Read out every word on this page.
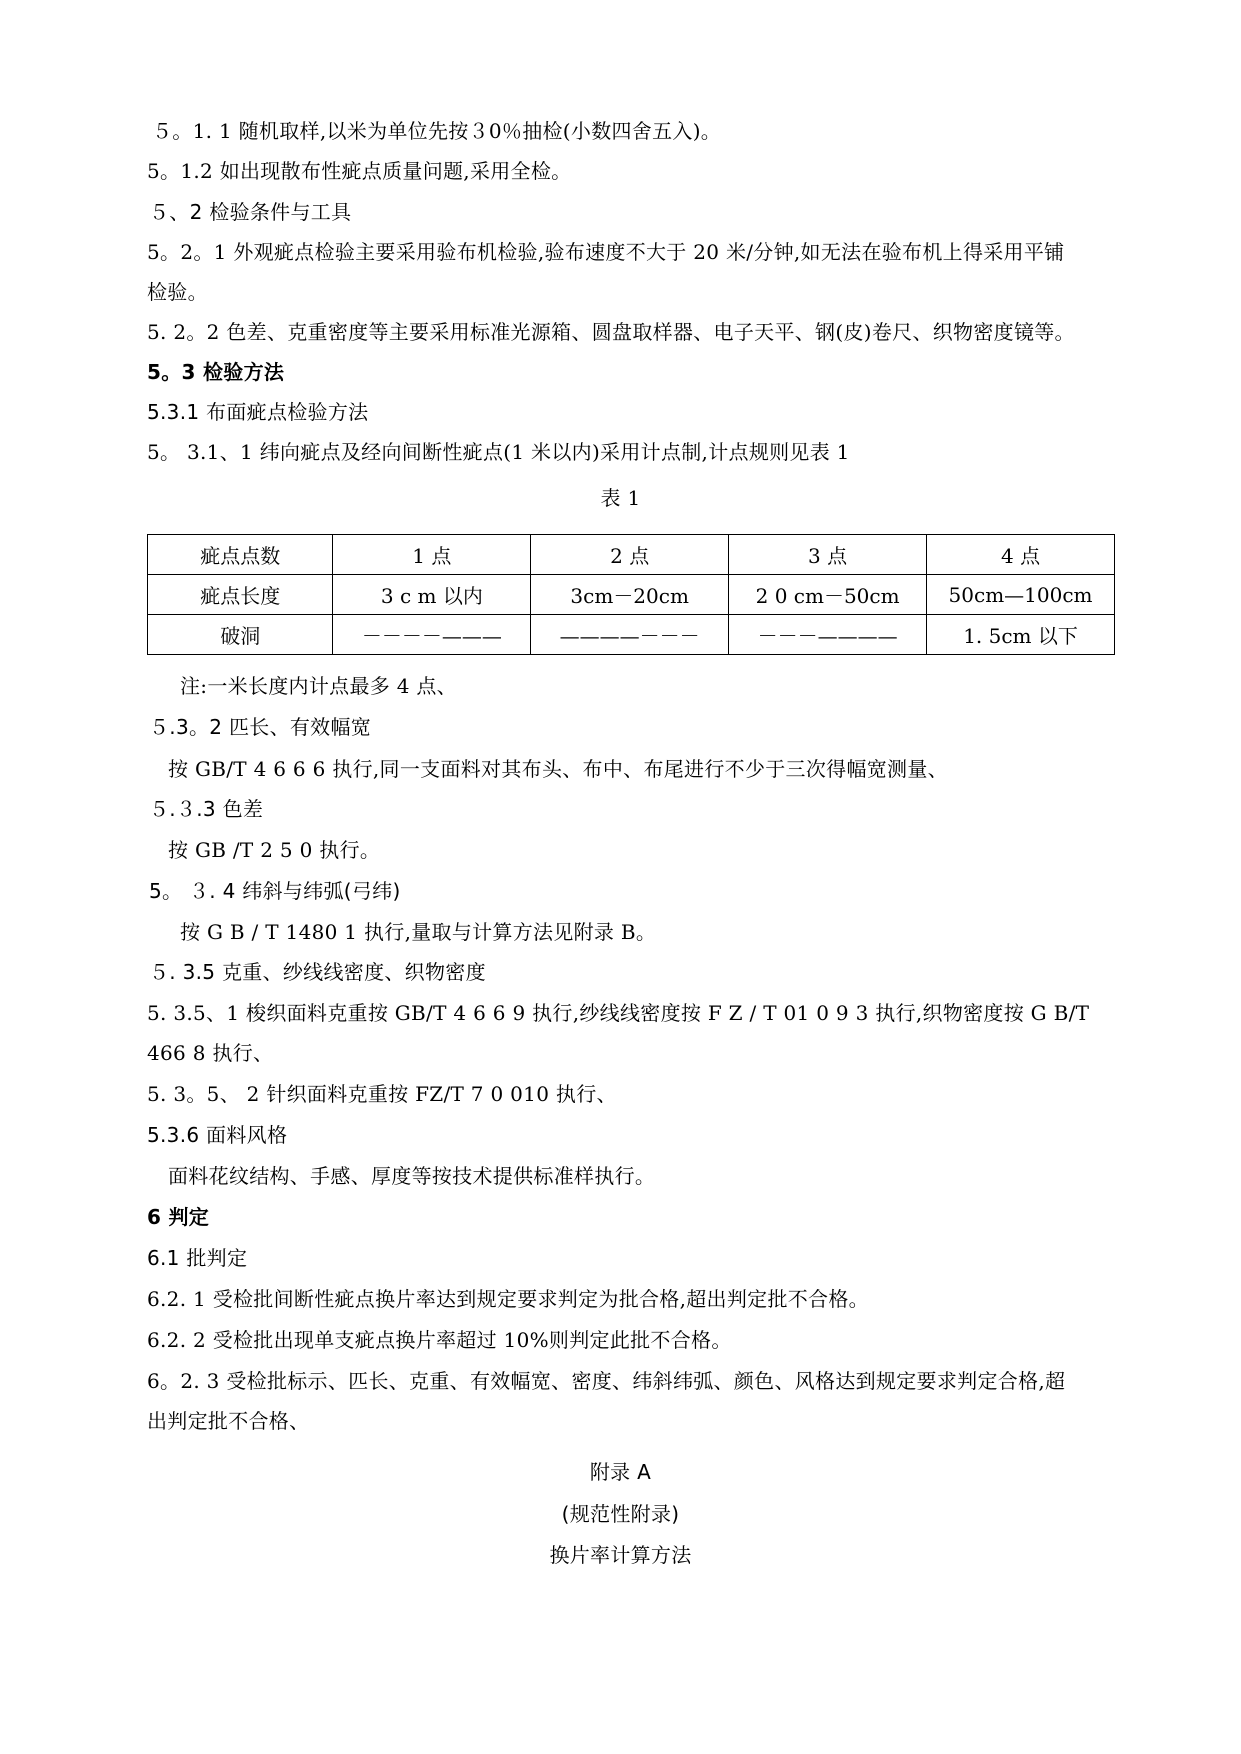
５。1. 1 随机取样,以米为单位先按３0％抽检(小数四舍五入)。
5。1.2 如出现散布性疵点质量问题,采用全检。
５、2 检验条件与工具
5。2。1 外观疵点检验主要采用验布机检验,验布速度不大于 20 米/分钟,如无法在验布机上得采用平铺
检验。
5. 2。2 色差、克重密度等主要采用标准光源箱、圆盘取样器、电子天平、钢(皮)卷尺、织物密度镜等。
5。3 检验方法
5.3.1 布面疵点检验方法
5。 3.1、1 纬向疵点及经向间断性疵点(1 米以内)采用计点制,计点规则见表 1
表 1
疵点点数	1 点	2 点	3 点	4 点
疵点长度	3 c m 以内	3cm－20cm	2 0 cm－50cm	50cm—100cm
破洞	－－－－———	————－－－	－－－————	1. 5cm 以下
注:一米长度内计点最多 4 点、
５.3。2 匹长、有效幅宽
按 GB/T 4 6 6 6 执行,同一支面料对其布头、布中、布尾进行不少于三次得幅宽测量、
５.３.3 色差
按 GB /T 2 5 0 执行。
5。 ３. 4 纬斜与纬弧(弓纬)
按 G B / T 1480 1 执行,量取与计算方法见附录 B。
５. 3.5 克重、纱线线密度、织物密度
5. 3.5、1 梭织面料克重按 GB/T 4 6 6 9 执行,纱线线密度按 F Z / T 01 0 9 3 执行,织物密度按 G B/T
466 8 执行、
5. 3。5、 2 针织面料克重按 FZ/T 7 0 010 执行、
5.3.6 面料风格
面料花纹结构、手感、厚度等按技术提供标准样执行。
6 判定
6.1 批判定
6.2. 1 受检批间断性疵点换片率达到规定要求判定为批合格,超出判定批不合格。
6.2. 2 受检批出现单支疵点换片率超过 10%则判定此批不合格。
6。2. 3 受检批标示、匹长、克重、有效幅宽、密度、纬斜纬弧、颜色、风格达到规定要求判定合格,超
出判定批不合格、
附录 A
(规范性附录)
换片率计算方法
